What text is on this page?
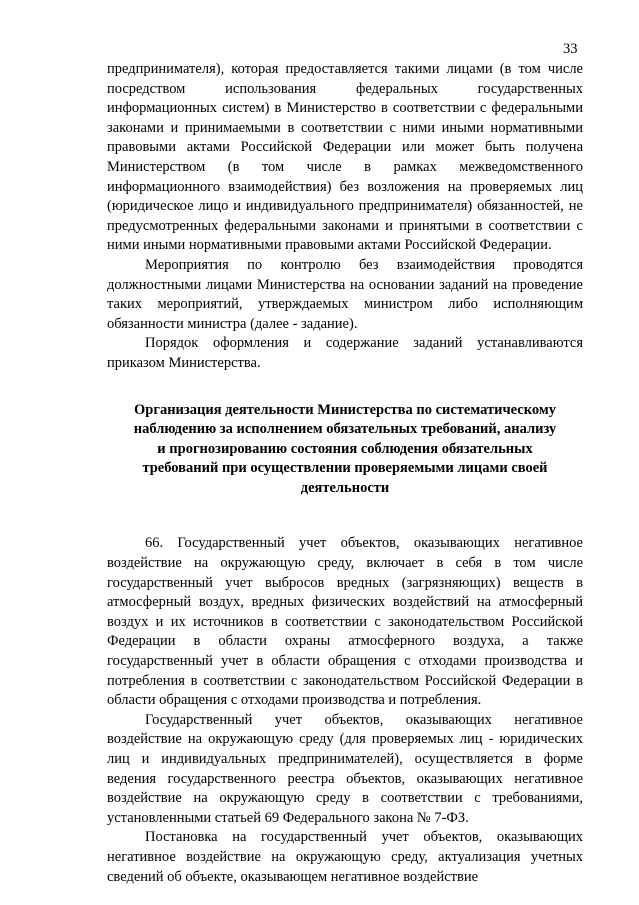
33

предпринимателя), которая предоставляется такими лицами (в том числе посредством использования федеральных государственных информационных систем) в Министерство в соответствии с федеральными законами и принимаемыми в соответствии с ними иными нормативными правовыми актами Российской Федерации или может быть получена Министерством (в том числе в рамках межведомственного информационного взаимодействия) без возложения на проверяемых лиц (юридическое лицо и индивидуального предпринимателя) обязанностей, не предусмотренных федеральными законами и принятыми в соответствии с ними иными нормативными правовыми актами Российской Федерации.

Мероприятия по контролю без взаимодействия проводятся должностными лицами Министерства на основании заданий на проведение таких мероприятий, утверждаемых министром либо исполняющим обязанности министра (далее - задание).

Порядок оформления и содержание заданий устанавливаются приказом Министерства.

Организация деятельности Министерства по систематическому
наблюдению за исполнением обязательных требований, анализу
и прогнозированию состояния соблюдения обязательных
требований при осуществлении проверяемыми лицами своей
деятельности

66. Государственный учет объектов, оказывающих негативное воздействие на окружающую среду, включает в себя в том числе государственный учет выбросов вредных (загрязняющих) веществ в атмосферный воздух, вредных физических воздействий на атмосферный воздух и их источников в соответствии с законодательством Российской Федерации в области охраны атмосферного воздуха, а также государственный учет в области обращения с отходами производства и потребления в соответствии с законодательством Российской Федерации в области обращения с отходами производства и потребления.

Государственный учет объектов, оказывающих негативное воздействие на окружающую среду (для проверяемых лиц - юридических лиц и индивидуальных предпринимателей), осуществляется в форме ведения государственного реестра объектов, оказывающих негативное воздействие на окружающую среду в соответствии с требованиями, установленными статьей 69 Федерального закона № 7-ФЗ.

Постановка на государственный учет объектов, оказывающих негативное воздействие на окружающую среду, актуализация учетных сведений об объекте, оказывающем негативное воздействие
